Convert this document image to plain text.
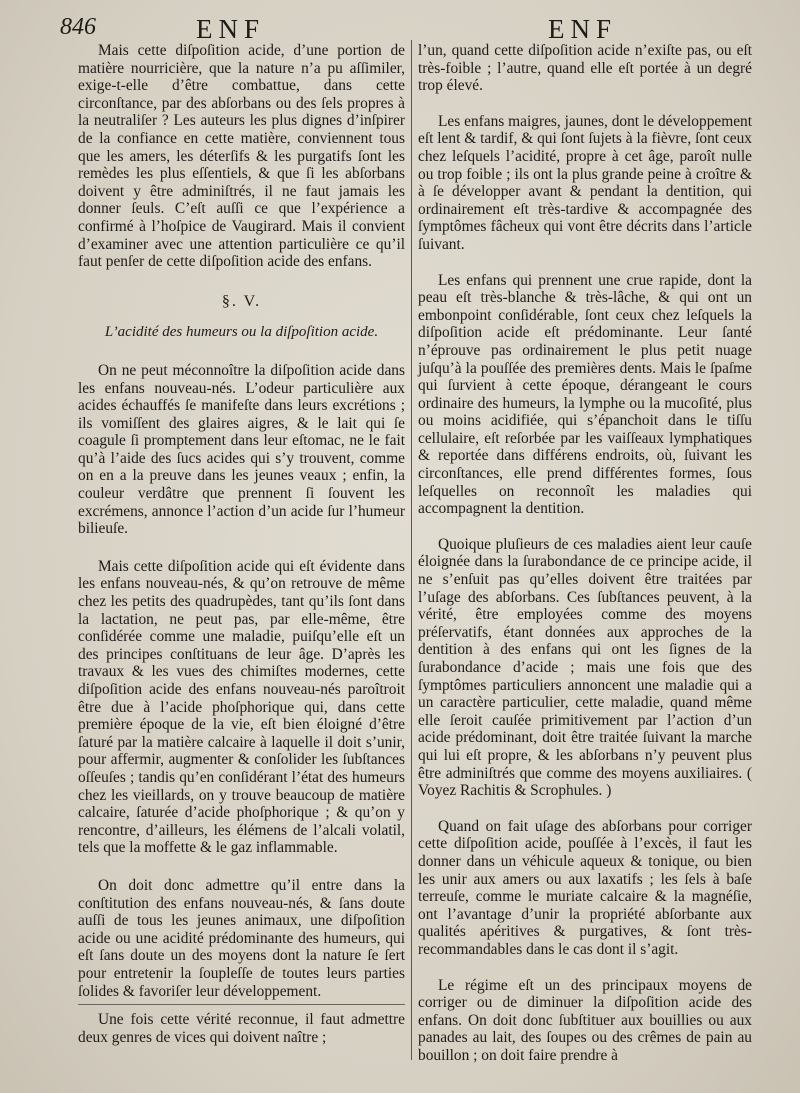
846	ENF	ENF

Mais cette diſpoſition acide, d’une portion de matière nourricière, que la nature n’a pu aſſimiler, exige-t-elle d’être combattue, dans cette circonſtance, par des abſorbans ou des ſels propres à la neutraliſer ? Les auteurs les plus dignes d’inſpirer de la confiance en cette matière, conviennent tous que les amers, les déterſifs & les purgatifs ſont les remèdes les plus eſſentiels, & que ſi les abſorbans doivent y être adminiſtrés, il ne faut jamais les donner ſeuls. C’eſt auſſi ce que l’expérience a confirmé à l’hoſpice de Vaugirard. Mais il convient d’examiner avec une attention particulière ce qu’il faut penſer de cette diſpoſition acide des enfans.

§. V.

L’acidité des humeurs ou la diſpoſition acide.

On ne peut méconnoître la diſpoſition acide dans les enfans nouveau-nés. L’odeur particulière aux acides échauffés ſe manifeſte dans leurs excrétions ; ils vomiſſent des glaires aigres, & le lait qui ſe coagule ſi promptement dans leur eſtomac, ne le fait qu’à l’aide des ſucs acides qui s’y trouvent, comme on en a la preuve dans les jeunes veaux ; enfin, la couleur verdâtre que prennent ſi ſouvent les excrémens, annonce l’action d’un acide ſur l’humeur bilieuſe.

Mais cette diſpoſition acide qui eſt évidente dans les enfans nouveau-nés, & qu’on retrouve de même chez les petits des quadrupèdes, tant qu’ils ſont dans la lactation, ne peut pas, par elle-même, être conſidérée comme une maladie, puiſqu’elle eſt un des principes conſtituans de leur âge. D’après les travaux & les vues des chimiſtes modernes, cette diſpoſition acide des enfans nouveau-nés paroîtroit être due à l’acide phoſphorique qui, dans cette première époque de la vie, eſt bien éloigné d’être ſaturé par la matière calcaire à laquelle il doit s’unir, pour affermir, augmenter & conſolider les ſubſtances oſſeuſes ; tandis qu’en conſidérant l’état des humeurs chez les vieillards, on y trouve beaucoup de matière calcaire, ſaturée d’acide phoſphorique ; & qu’on y rencontre, d’ailleurs, les élémens de l’alcali volatil, tels que la moffette & le gaz inflammable.

On doit donc admettre qu’il entre dans la conſtitution des enfans nouveau-nés, & ſans doute auſſi de tous les jeunes animaux, une diſpoſition acide ou une acidité prédominante des humeurs, qui eſt ſans doute un des moyens dont la nature ſe ſert pour entretenir la ſoupleſſe de toutes leurs parties ſolides & favoriſer leur développement.

Une fois cette vérité reconnue, il faut admettre deux genres de vices qui doivent naître ;

l’un, quand cette diſpoſition acide n’exiſte pas, ou eſt très-foible ; l’autre, quand elle eſt portée à un degré trop élevé.

Les enfans maigres, jaunes, dont le développement eſt lent & tardif, & qui ſont ſujets à la fièvre, ſont ceux chez leſquels l’acidité, propre à cet âge, paroît nulle ou trop foible ; ils ont la plus grande peine à croître & à ſe développer avant & pendant la dentition, qui ordinairement eſt très-tardive & accompagnée des ſymptômes fâcheux qui vont être décrits dans l’article ſuivant.

Les enfans qui prennent une crue rapide, dont la peau eſt très-blanche & très-lâche, & qui ont un embonpoint conſidérable, ſont ceux chez leſquels la diſpoſition acide eſt prédominante. Leur ſanté n’éprouve pas ordinairement le plus petit nuage juſqu’à la pouſſée des premières dents. Mais le ſpaſme qui ſurvient à cette époque, dérangeant le cours ordinaire des humeurs, la lymphe ou la mucoſité, plus ou moins acidifiée, qui s’épanchoit dans le tiſſu cellulaire, eſt reſorbée par les vaiſſeaux lymphatiques & reportée dans différens endroits, où, ſuivant les circonſtances, elle prend différentes formes, ſous leſquelles on reconnoît les maladies qui accompagnent la dentition.

Quoique pluſieurs de ces maladies aient leur cauſe éloignée dans la ſurabondance de ce principe acide, il ne s’enſuit pas qu’elles doivent être traitées par l’uſage des abſorbans. Ces ſubſtances peuvent, à la vérité, être employées comme des moyens préſervatifs, étant données aux approches de la dentition à des enfans qui ont les ſignes de la ſurabondance d’acide ; mais une fois que des ſymptômes particuliers annoncent une maladie qui a un caractère particulier, cette maladie, quand même elle ſeroit cauſée primitivement par l’action d’un acide prédominant, doit être traitée ſuivant la marche qui lui eſt propre, & les abſorbans n’y peuvent plus être adminiſtrés que comme des moyens auxiliaires. ( Voyez Rachitis & Scrophules. )

Quand on fait uſage des abſorbans pour corriger cette diſpoſition acide, pouſſée à l’excès, il faut les donner dans un véhicule aqueux & tonique, ou bien les unir aux amers ou aux laxatifs ; les ſels à baſe terreuſe, comme le muriate calcaire & la magnéſie, ont l’avantage d’unir la propriété abſorbante aux qualités apéritives & purgatives, & ſont très-recommandables dans le cas dont il s’agit.

Le régime eſt un des principaux moyens de corriger ou de diminuer la diſpoſition acide des enfans. On doit donc ſubſtituer aux bouillies ou aux panades au lait, des ſoupes ou des crêmes de pain au bouillon ; on doit faire prendre à
